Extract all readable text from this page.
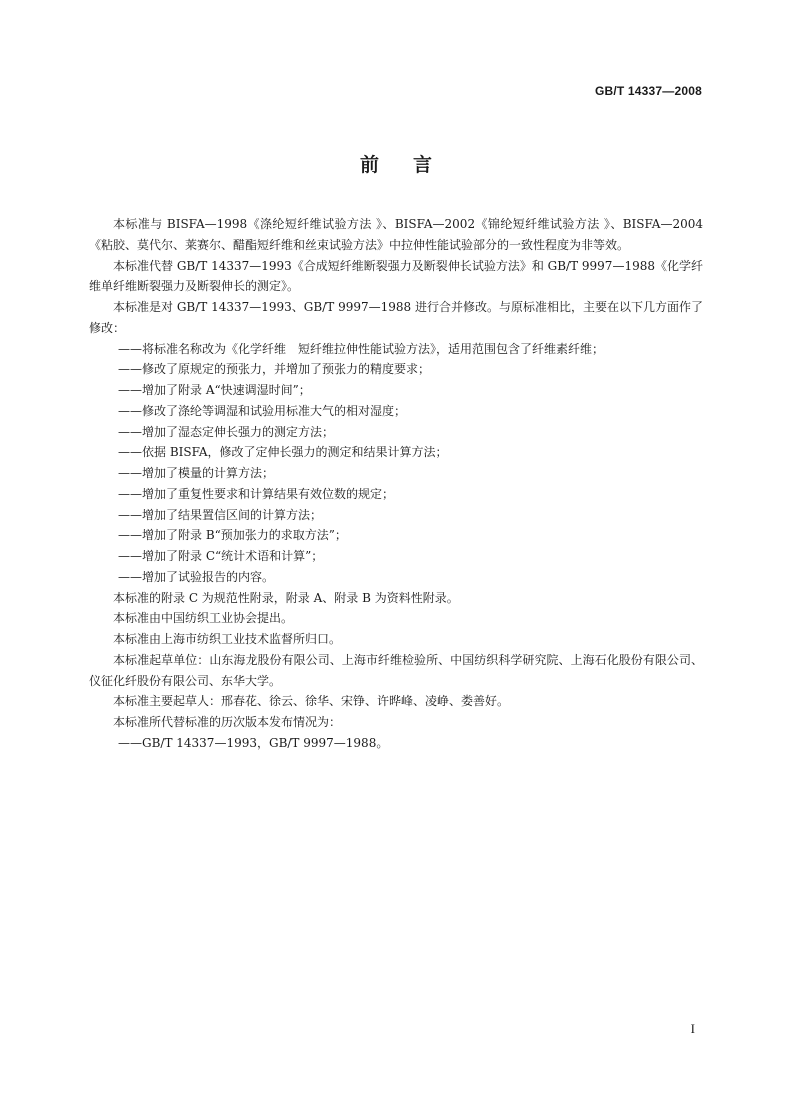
GB/T 14337—2008
前言

本标准与 BISFA—1998《涤纶短纤维试验方法 》、BISFA—2002《锦纶短纤维试验方法 》、BISFA—2004《粘胶、莫代尔、莱赛尔、醋酯短纤维和丝束试验方法》中拉伸性能试验部分的一致性程度为非等效。

本标准代替 GB/T 14337—1993《合成短纤维断裂强力及断裂伸长试验方法》和 GB/T 9997—1988《化学纤维单纤维断裂强力及断裂伸长的测定》。

本标准是对 GB/T 14337—1993、GB/T 9997—1988 进行合并修改。与原标准相比，主要在以下几方面作了修改：

——将标准名称改为《化学纤维　短纤维拉伸性能试验方法》，适用范围包含了纤维素纤维；

——修改了原规定的预张力，并增加了预张力的精度要求；

——增加了附录 A“快速调湿时间”；

——修改了涤纶等调湿和试验用标准大气的相对湿度；

——增加了湿态定伸长强力的测定方法；

——依据 BISFA，修改了定伸长强力的测定和结果计算方法；

——增加了模量的计算方法；

——增加了重复性要求和计算结果有效位数的规定；

——增加了结果置信区间的计算方法；

——增加了附录 B“预加张力的求取方法”；

——增加了附录 C“统计术语和计算”；

——增加了试验报告的内容。

本标准的附录 C 为规范性附录，附录 A、附录 B 为资料性附录。

本标准由中国纺织工业协会提出。

本标准由上海市纺织工业技术监督所归口。

本标准起草单位：山东海龙股份有限公司、上海市纤维检验所、中国纺织科学研究院、上海石化股份有限公司、仪征化纤股份有限公司、东华大学。

本标准主要起草人：邢春花、徐云、徐华、宋铮、许晔峰、凌峥、娄善好。

本标准所代替标准的历次版本发布情况为：

——GB/T 14337—1993，GB/T 9997—1988。

I
